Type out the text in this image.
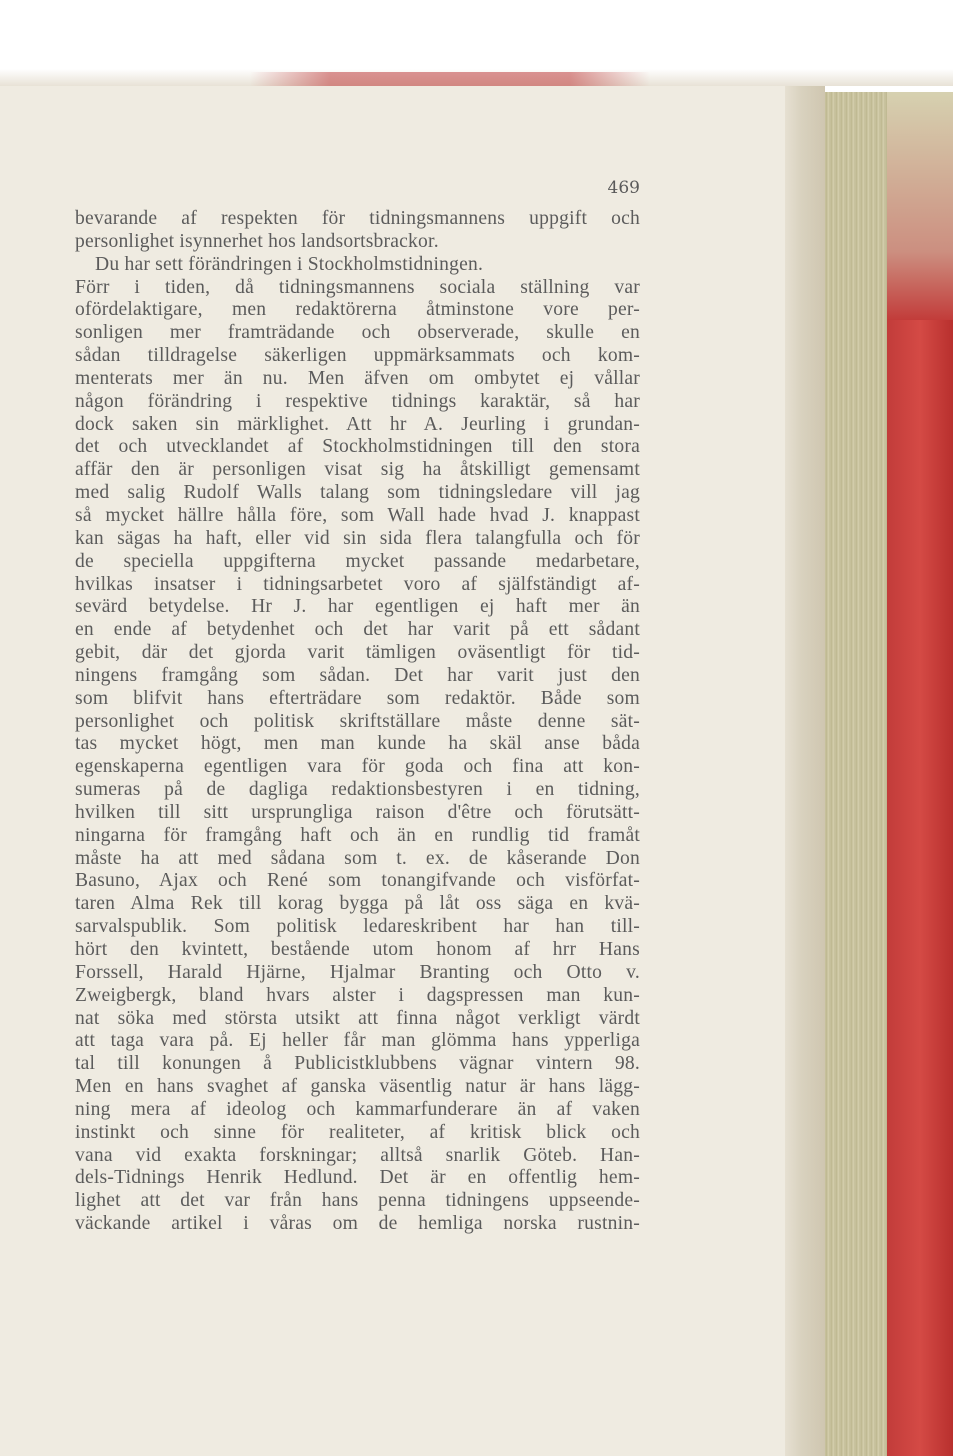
469
bevarande af respekten för tidningsmannens uppgift och
personlighet isynnerhet hos landsortsbrackor.
Du har sett förändringen i Stockholmstidningen.
Förr i tiden, då tidningsmannens sociala ställning var
ofördelaktigare, men redaktörerna åtminstone vore per-
sonligen mer framträdande och observerade, skulle en
sådan tilldragelse säkerligen uppmärksammats och kom-
menterats mer än nu. Men äfven om ombytet ej vållar
någon förändring i respektive tidnings karaktär, så har
dock saken sin märklighet. Att hr A. Jeurling i grundan-
det och utvecklandet af Stockholmstidningen till den stora
affär den är personligen visat sig ha åtskilligt gemensamt
med salig Rudolf Walls talang som tidningsledare vill jag
så mycket hällre hålla före, som Wall hade hvad J. knappast
kan sägas ha haft, eller vid sin sida flera talangfulla och för
de speciella uppgifterna mycket passande medarbetare,
hvilkas insatser i tidningsarbetet voro af själfständigt af-
sevärd betydelse. Hr J. har egentligen ej haft mer än
en ende af betydenhet och det har varit på ett sådant
gebit, där det gjorda varit tämligen oväsentligt för tid-
ningens framgång som sådan. Det har varit just den
som blifvit hans efterträdare som redaktör. Både som
personlighet och politisk skriftställare måste denne sät-
tas mycket högt, men man kunde ha skäl anse båda
egenskaperna egentligen vara för goda och fina att kon-
sumeras på de dagliga redaktionsbestyren i en tidning,
hvilken till sitt ursprungliga raison d'être och förutsätt-
ningarna för framgång haft och än en rundlig tid framåt
måste ha att med sådana som t. ex. de kåserande Don
Basuno, Ajax och René som tonangifvande och visförfat-
taren Alma Rek till korag bygga på låt oss säga en kvä-
sarvalspublik. Som politisk ledareskribent har han till-
hört den kvintett, bestående utom honom af hrr Hans
Forssell, Harald Hjärne, Hjalmar Branting och Otto v.
Zweigbergk, bland hvars alster i dagspressen man kun-
nat söka med största utsikt att finna något verkligt värdt
att taga vara på. Ej heller får man glömma hans ypperliga
tal till konungen å Publicistklubbens vägnar vintern 98.
Men en hans svaghet af ganska väsentlig natur är hans lägg-
ning mera af ideolog och kammarfunderare än af vaken
instinkt och sinne för realiteter, af kritisk blick och
vana vid exakta forskningar; alltså snarlik Göteb. Han-
dels-Tidnings Henrik Hedlund. Det är en offentlig hem-
lighet att det var från hans penna tidningens uppseende-
väckande artikel i våras om de hemliga norska rustnin-
